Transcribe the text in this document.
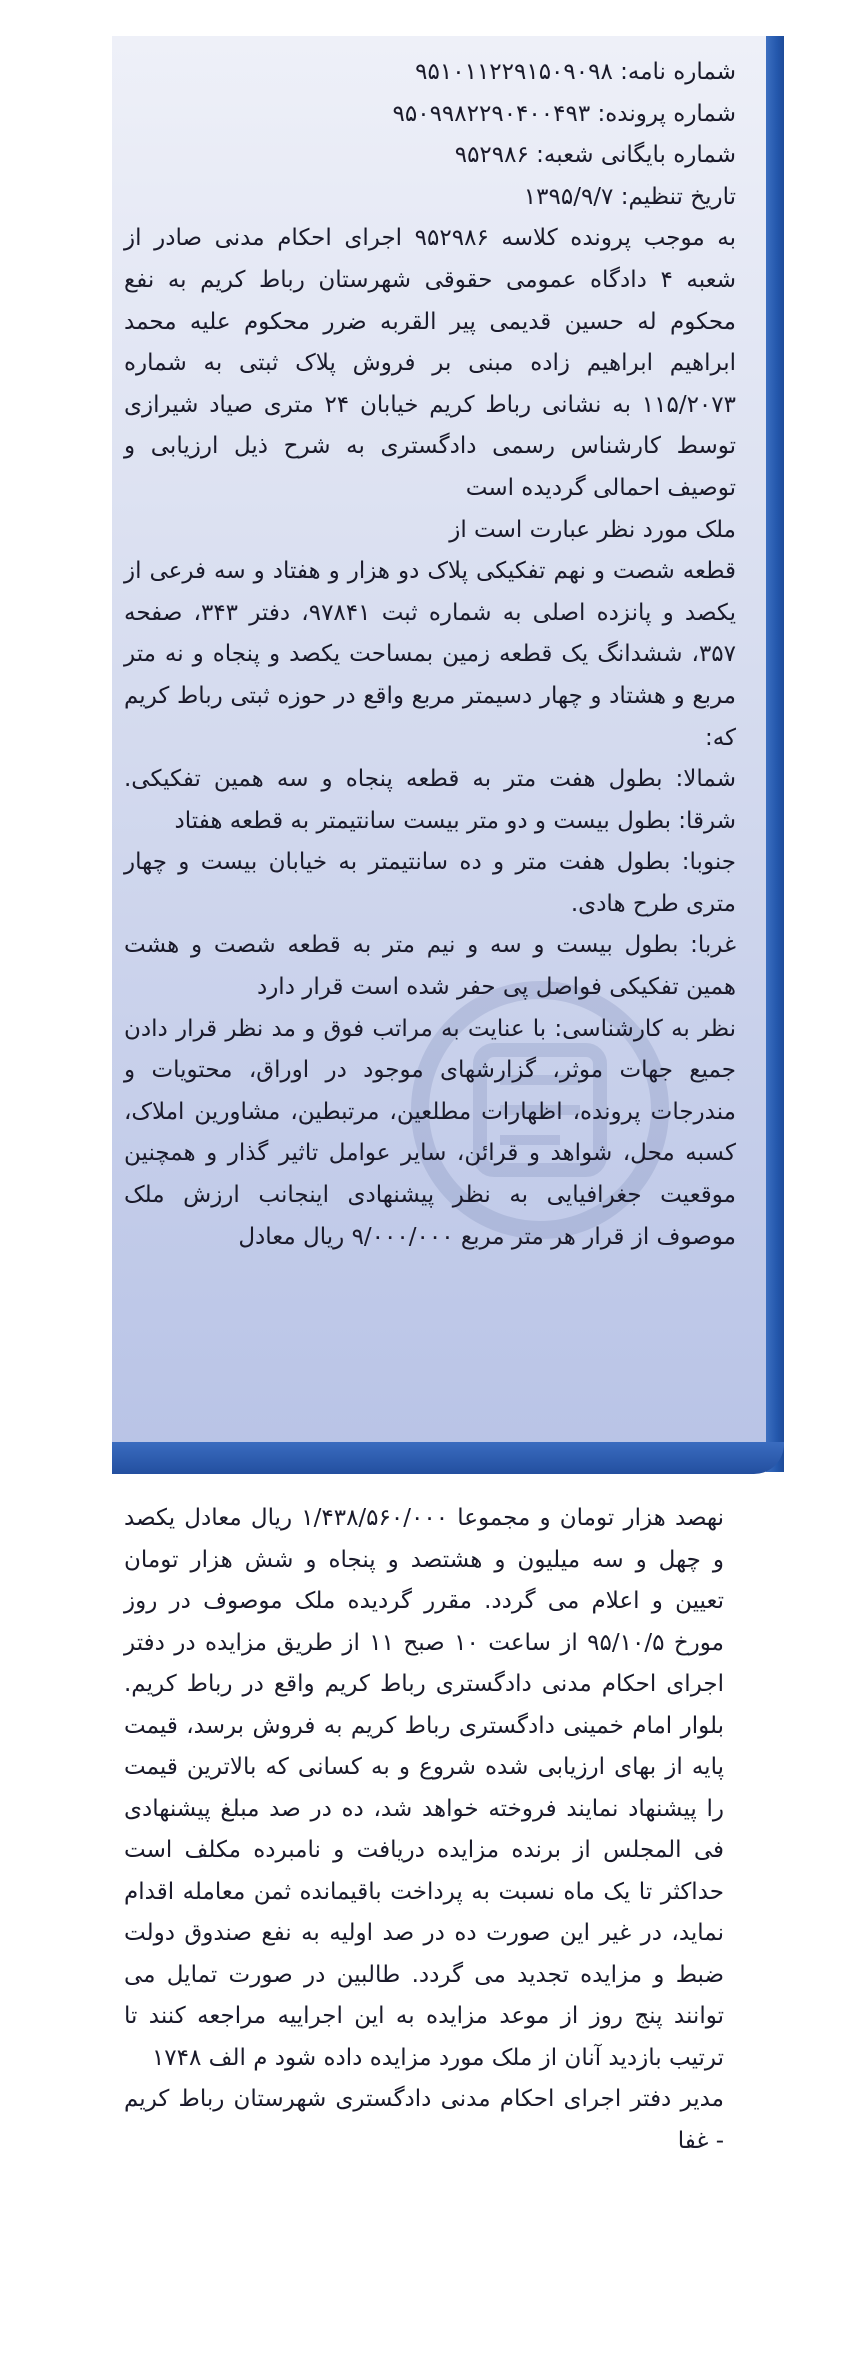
شماره نامه: ۹۵۱۰۱۱۲۲۹۱۵۰۹۰۹۸

شماره پرونده: ۹۵۰۹۹۸۲۲۹۰۴۰۰۴۹۳

شماره بایگانی شعبه: ۹۵۲۹۸۶

تاریخ تنظیم: ۱۳۹۵/۹/۷

به موجب پرونده کلاسه ۹۵۲۹۸۶ اجرای احکام مدنی صادر از شعبه ۴ دادگاه عمومی حقوقی شهرستان رباط کریم به نفع محکوم له حسین قدیمی پیر القربه ضرر محکوم علیه محمد ابراهیم ابراهیم زاده مبنی بر فروش پلاک ثبتی به شماره ۱۱۵/۲۰۷۳ به نشانی رباط کریم خیابان ۲۴ متری صیاد شیرازی توسط کارشناس رسمی دادگستری به شرح ذیل ارزیابی و توصیف احمالی گردیده است

ملک مورد نظر عبارت است از

قطعه شصت و نهم تفکیکی پلاک دو هزار و هفتاد و سه فرعی از یکصد و پانزده اصلی به شماره ثبت ۹۷۸۴۱، دفتر ۳۴۳، صفحه ۳۵۷، ششدانگ یک قطعه زمین بمساحت یکصد و پنجاه و نه متر مربع و هشتاد و چهار دسیمتر مربع واقع در حوزه ثبتی رباط کریم که:

شمالا: بطول هفت متر به قطعه پنجاه و سه همین تفکیکی. شرقا: بطول بیست و دو متر بیست سانتیمتر به قطعه هفتاد

جنوبا: بطول هفت متر و ده سانتیمتر به خیابان بیست و چهار متری طرح هادی.

غربا: بطول بیست و سه و نیم متر به قطعه شصت و هشت همین تفکیکی فواصل پی حفر شده است قرار دارد

نظر به کارشناسی: با عنایت به مراتب فوق و مد نظر قرار دادن جمیع جهات موثر، گزارشهای موجود در اوراق، محتویات و مندرجات پرونده، اظهارات مطلعین، مرتبطین، مشاورین املاک، کسبه محل، شواهد و قرائن، سایر عوامل تاثیر گذار و همچنین موقعیت جغرافیایی به نظر پیشنهادی اینجانب ارزش ملک موصوف از قرار هر متر مربع ۹/۰۰۰/۰۰۰ ریال معادل

نهصد هزار تومان و مجموعا ۱/۴۳۸/۵۶۰/۰۰۰ ریال معادل یکصد و چهل و سه میلیون و هشتصد و پنجاه و شش هزار تومان تعیین و اعلام می گردد. مقرر گردیده ملک موصوف در روز مورخ ۹۵/۱۰/۵ از ساعت ۱۰ صبح ۱۱ از طریق مزایده در دفتر اجرای احکام مدنی دادگستری رباط کریم واقع در رباط کریم. بلوار امام خمینی دادگستری رباط کریم به فروش برسد، قیمت پایه از بهای ارزیابی شده شروع و به کسانی که بالاترین قیمت را پیشنهاد نمایند فروخته خواهد شد، ده در صد مبلغ پیشنهادی فی المجلس از برنده مزایده دریافت و نامبرده مکلف است حداکثر تا یک ماه نسبت به پرداخت باقیمانده ثمن معامله اقدام نماید، در غیر این صورت ده در صد اولیه به نفع صندوق دولت ضبط و مزایده تجدید می گردد. طالبین در صورت تمایل می توانند پنج روز از موعد مزایده به این اجراییه مراجعه کنند تا ترتیب بازدید آنان از ملک مورد مزایده داده شود م الف ۱۷۴۸

مدیر دفتر اجرای احکام مدنی دادگستری شهرستان رباط کریم - غفا
